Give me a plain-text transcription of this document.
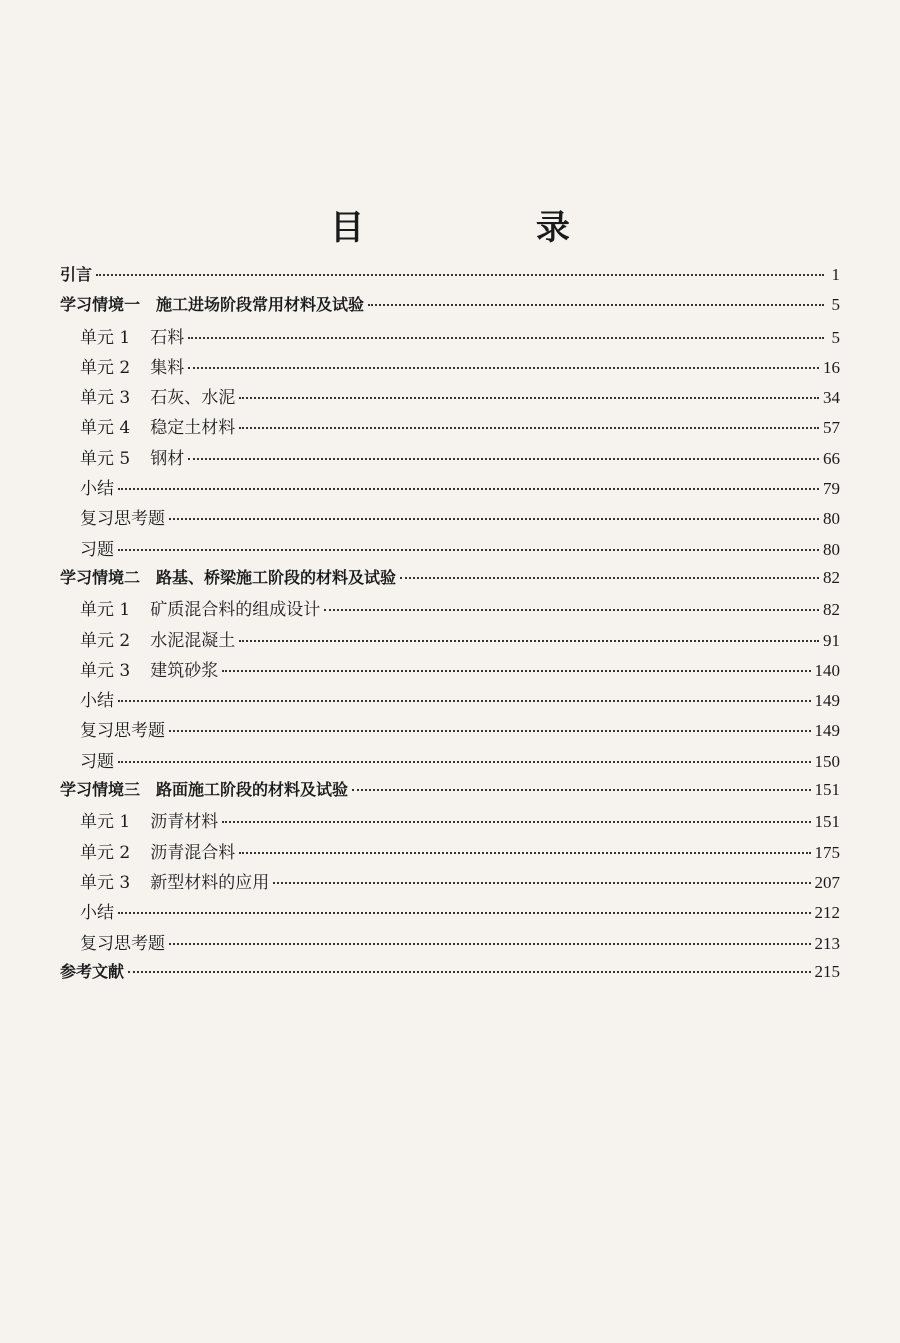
目 录
引言	1
学习情境一　施工进场阶段常用材料及试验	5
单元 1 石料	5
单元 2 集料	16
单元 3 石灰、水泥	34
单元 4 稳定土材料	57
单元 5 钢材	66
小结	79
复习思考题	80
习题	80
学习情境二　路基、桥梁施工阶段的材料及试验	82
单元 1 矿质混合料的组成设计	82
单元 2 水泥混凝土	91
单元 3 建筑砂浆	140
小结	149
复习思考题	149
习题	150
学习情境三　路面施工阶段的材料及试验	151
单元 1 沥青材料	151
单元 2 沥青混合料	175
单元 3 新型材料的应用	207
小结	212
复习思考题	213
参考文献	215
